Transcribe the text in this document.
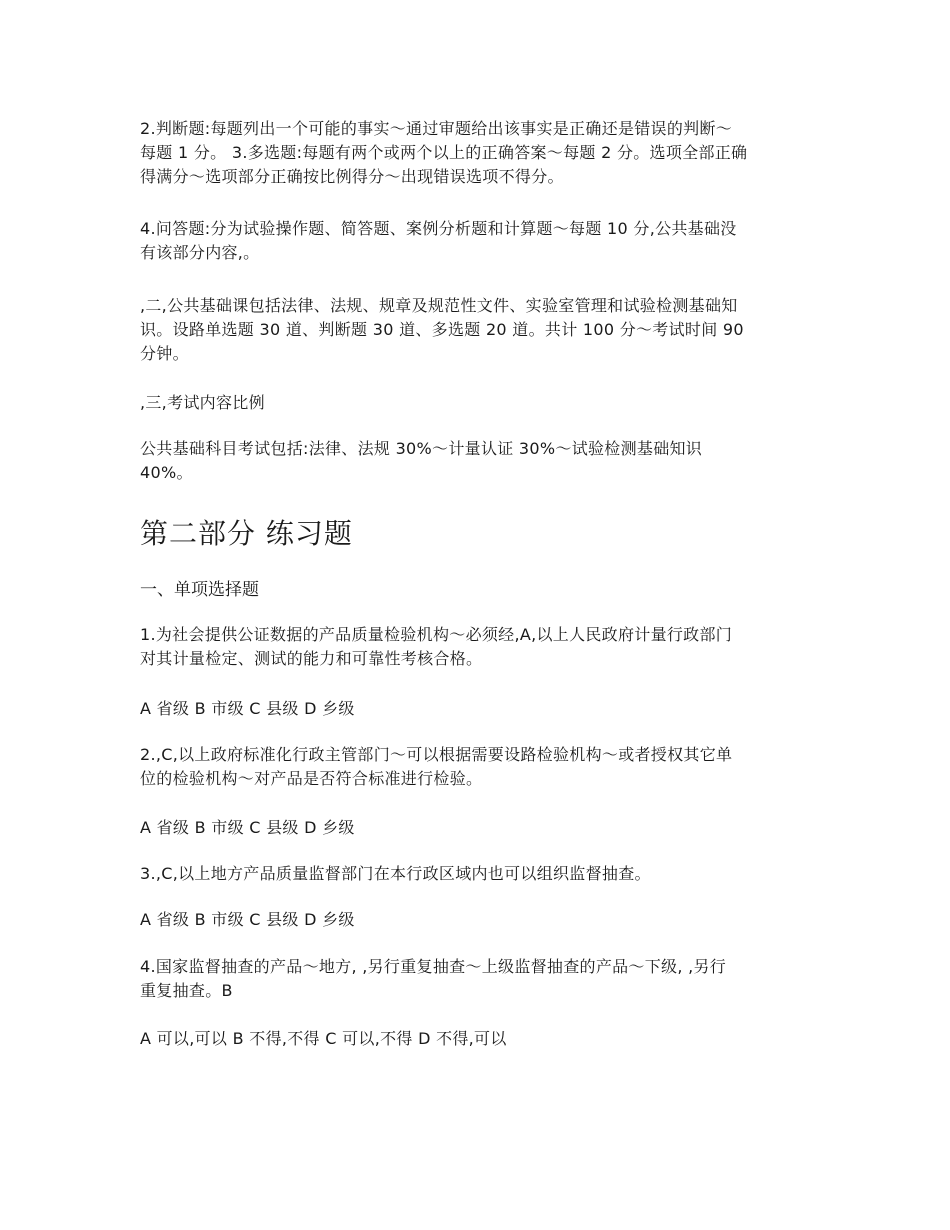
2.判断题:每题列出一个可能的事实～通过审题给出该事实是正确还是错误的判断～
每题 1 分。 3.多选题:每题有两个或两个以上的正确答案～每题 2 分。选项全部正确
得满分～选项部分正确按比例得分～出现错误选项不得分。

4.问答题:分为试验操作题、简答题、案例分析题和计算题～每题 10 分,公共基础没
有该部分内容,。

,二,公共基础课包括法律、法规、规章及规范性文件、实验室管理和试验检测基础知
识。设路单选题 30 道、判断题 30 道、多选题 20 道。共计 100 分～考试时间 90
分钟。

,三,考试内容比例

公共基础科目考试包括:法律、法规 30%～计量认证 30%～试验检测基础知识
40%。

第二部分 练习题
一、单项选择题

1.为社会提供公证数据的产品质量检验机构～必须经,A,以上人民政府计量行政部门
对其计量检定、测试的能力和可靠性考核合格。

A 省级 B 市级 C 县级 D 乡级

2.,C,以上政府标准化行政主管部门～可以根据需要设路检验机构～或者授权其它单
位的检验机构～对产品是否符合标准进行检验。

A 省级 B 市级 C 县级 D 乡级

3.,C,以上地方产品质量监督部门在本行政区域内也可以组织监督抽查。

A 省级 B 市级 C 县级 D 乡级

4.国家监督抽查的产品～地方, ,另行重复抽查～上级监督抽查的产品～下级, ,另行
重复抽查。B

A 可以,可以 B 不得,不得 C 可以,不得 D 不得,可以
